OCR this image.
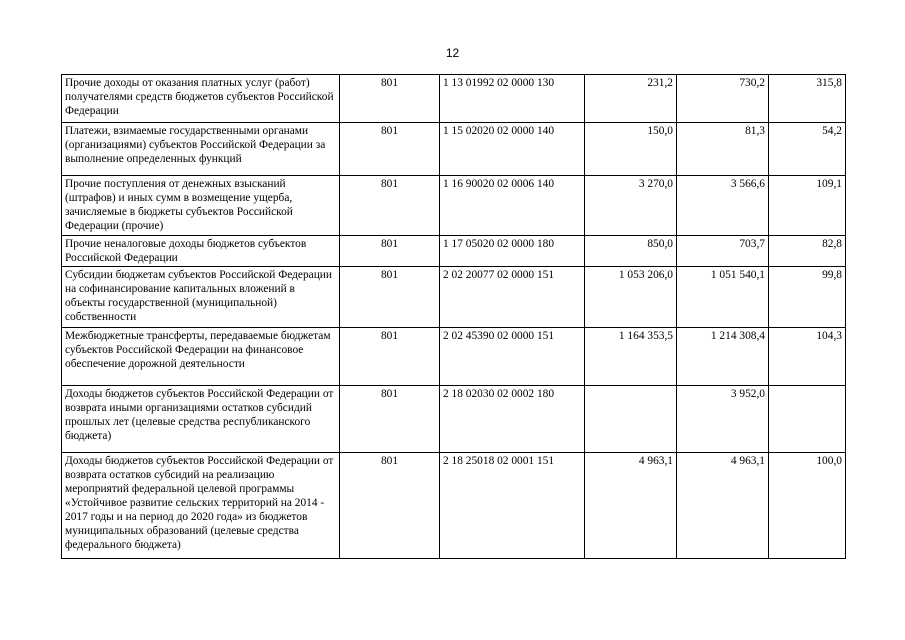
12
Прочие доходы от оказания платных услуг (работ) получателями средств бюджетов субъектов Российской Федерации	801	1 13 01992 02 0000 130	231,2	730,2	315,8
Платежи, взимаемые государственными органами (организациями) субъектов Российской Федерации за выполнение определенных функций	801	1 15 02020 02 0000 140	150,0	81,3	54,2
Прочие поступления от денежных взысканий (штрафов) и иных сумм в возмещение ущерба, зачисляемые в бюджеты субъектов Российской Федерации (прочие)	801	1 16 90020 02 0006 140	3 270,0	3 566,6	109,1
Прочие неналоговые доходы бюджетов субъектов Российской Федерации	801	1 17 05020 02 0000 180	850,0	703,7	82,8
Субсидии бюджетам субъектов Российской Федерации на софинансирование капитальных вложений в объекты государственной (муниципальной) собственности	801	2 02 20077 02 0000 151	1 053 206,0	1 051 540,1	99,8
Межбюджетные трансферты, передаваемые бюджетам субъектов Российской Федерации на финансовое обеспечение дорожной деятельности	801	2 02 45390 02 0000 151	1 164 353,5	1 214 308,4	104,3
Доходы бюджетов субъектов Российской Федерации от возврата иными организациями остатков субсидий прошлых лет (целевые средства республиканского бюджета)	801	2 18 02030 02 0002 180		3 952,0	
Доходы бюджетов субъектов Российской Федерации от возврата остатков субсидий на реализацию мероприятий федеральной целевой программы «Устойчивое развитие сельских территорий на 2014 - 2017 годы и на период до 2020 года» из бюджетов муниципальных образований (целевые средства федерального бюджета)	801	2 18 25018 02 0001 151	4 963,1	4 963,1	100,0
